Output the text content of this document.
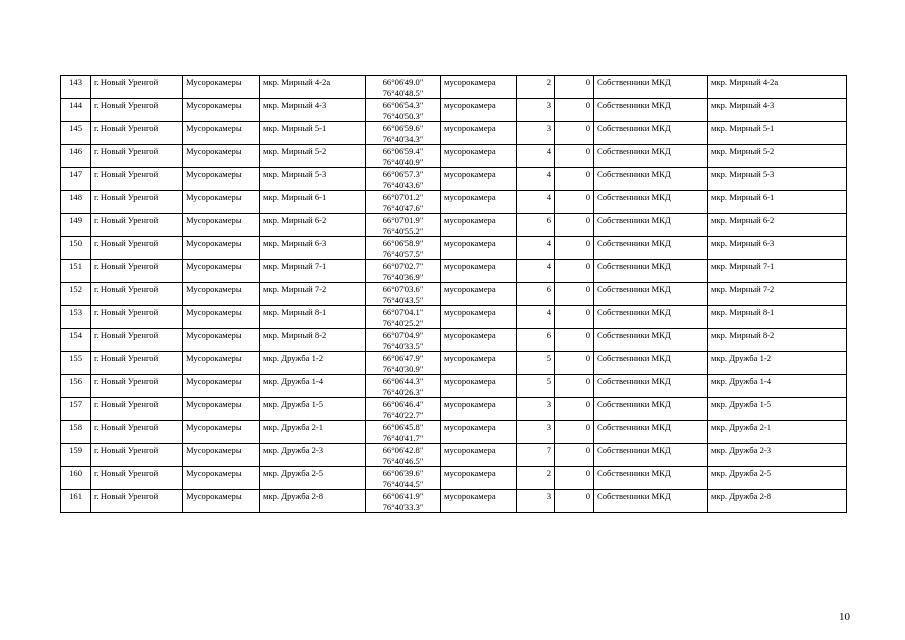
143	г. Новый Уренгой	Мусорокамеры	мкр. Мирный 4-2а	66°06'49.0"
76°40'48.5"	мусорокамера	2	0	Собственники МКД	мкр. Мирный 4-2а
144	г. Новый Уренгой	Мусорокамеры	мкр. Мирный 4-3	66°06'54.3"
76°40'50.3"	мусорокамера	3	0	Собственники МКД	мкр. Мирный 4-3
145	г. Новый Уренгой	Мусорокамеры	мкр. Мирный 5-1	66°06'59.6"
76°40'34.3"	мусорокамера	3	0	Собственники МКД	мкр. Мирный 5-1
146	г. Новый Уренгой	Мусорокамеры	мкр. Мирный 5-2	66°06'59.4"
76°40'40.9"	мусорокамера	4	0	Собственники МКД	мкр. Мирный 5-2
147	г. Новый Уренгой	Мусорокамеры	мкр. Мирный 5-3	66°06'57.3"
76°40'43.6"	мусорокамера	4	0	Собственники МКД	мкр. Мирный 5-3
148	г. Новый Уренгой	Мусорокамеры	мкр. Мирный 6-1	66°07'01.2"
76°40'47.6"	мусорокамера	4	0	Собственники МКД	мкр. Мирный 6-1
149	г. Новый Уренгой	Мусорокамеры	мкр. Мирный 6-2	66°07'01.9"
76°40'55.2"	мусорокамера	6	0	Собственники МКД	мкр. Мирный 6-2
150	г. Новый Уренгой	Мусорокамеры	мкр. Мирный 6-3	66°06'58.9"
76°40'57.5"	мусорокамера	4	0	Собственники МКД	мкр. Мирный 6-3
151	г. Новый Уренгой	Мусорокамеры	мкр. Мирный 7-1	66°07'02.7"
76°40'36.9"	мусорокамера	4	0	Собственники МКД	мкр. Мирный 7-1
152	г. Новый Уренгой	Мусорокамеры	мкр. Мирный 7-2	66°07'03.6"
76°40'43.5"	мусорокамера	6	0	Собственники МКД	мкр. Мирный 7-2
153	г. Новый Уренгой	Мусорокамеры	мкр. Мирный 8-1	66°07'04.1"
76°40'25.2"	мусорокамера	4	0	Собственники МКД	мкр. Мирный 8-1
154	г. Новый Уренгой	Мусорокамеры	мкр. Мирный 8-2	66°07'04.9"
76°40'33.5"	мусорокамера	6	0	Собственники МКД	мкр. Мирный 8-2
155	г. Новый Уренгой	Мусорокамеры	мкр. Дружба 1-2	66°06'47.9"
76°40'30.9"	мусорокамера	5	0	Собственники МКД	мкр. Дружба 1-2
156	г. Новый Уренгой	Мусорокамеры	мкр. Дружба 1-4	66°06'44.3"
76°40'26.3"	мусорокамера	5	0	Собственники МКД	мкр. Дружба 1-4
157	г. Новый Уренгой	Мусорокамеры	мкр. Дружба 1-5	66°06'46.4"
76°40'22.7"	мусорокамера	3	0	Собственники МКД	мкр. Дружба 1-5
158	г. Новый Уренгой	Мусорокамеры	мкр. Дружба 2-1	66°06'45.8"
76°40'41.7"	мусорокамера	3	0	Собственники МКД	мкр. Дружба 2-1
159	г. Новый Уренгой	Мусорокамеры	мкр. Дружба 2-3	66°06'42.8"
76°40'46.5"	мусорокамера	7	0	Собственники МКД	мкр. Дружба 2-3
160	г. Новый Уренгой	Мусорокамеры	мкр. Дружба 2-5	66°06'39.6"
76°40'44.5"	мусорокамера	2	0	Собственники МКД	мкр. Дружба 2-5
161	г. Новый Уренгой	Мусорокамеры	мкр. Дружба 2-8	66°06'41.9"
76°40'33.3"	мусорокамера	3	0	Собственники МКД	мкр. Дружба 2-8
10
